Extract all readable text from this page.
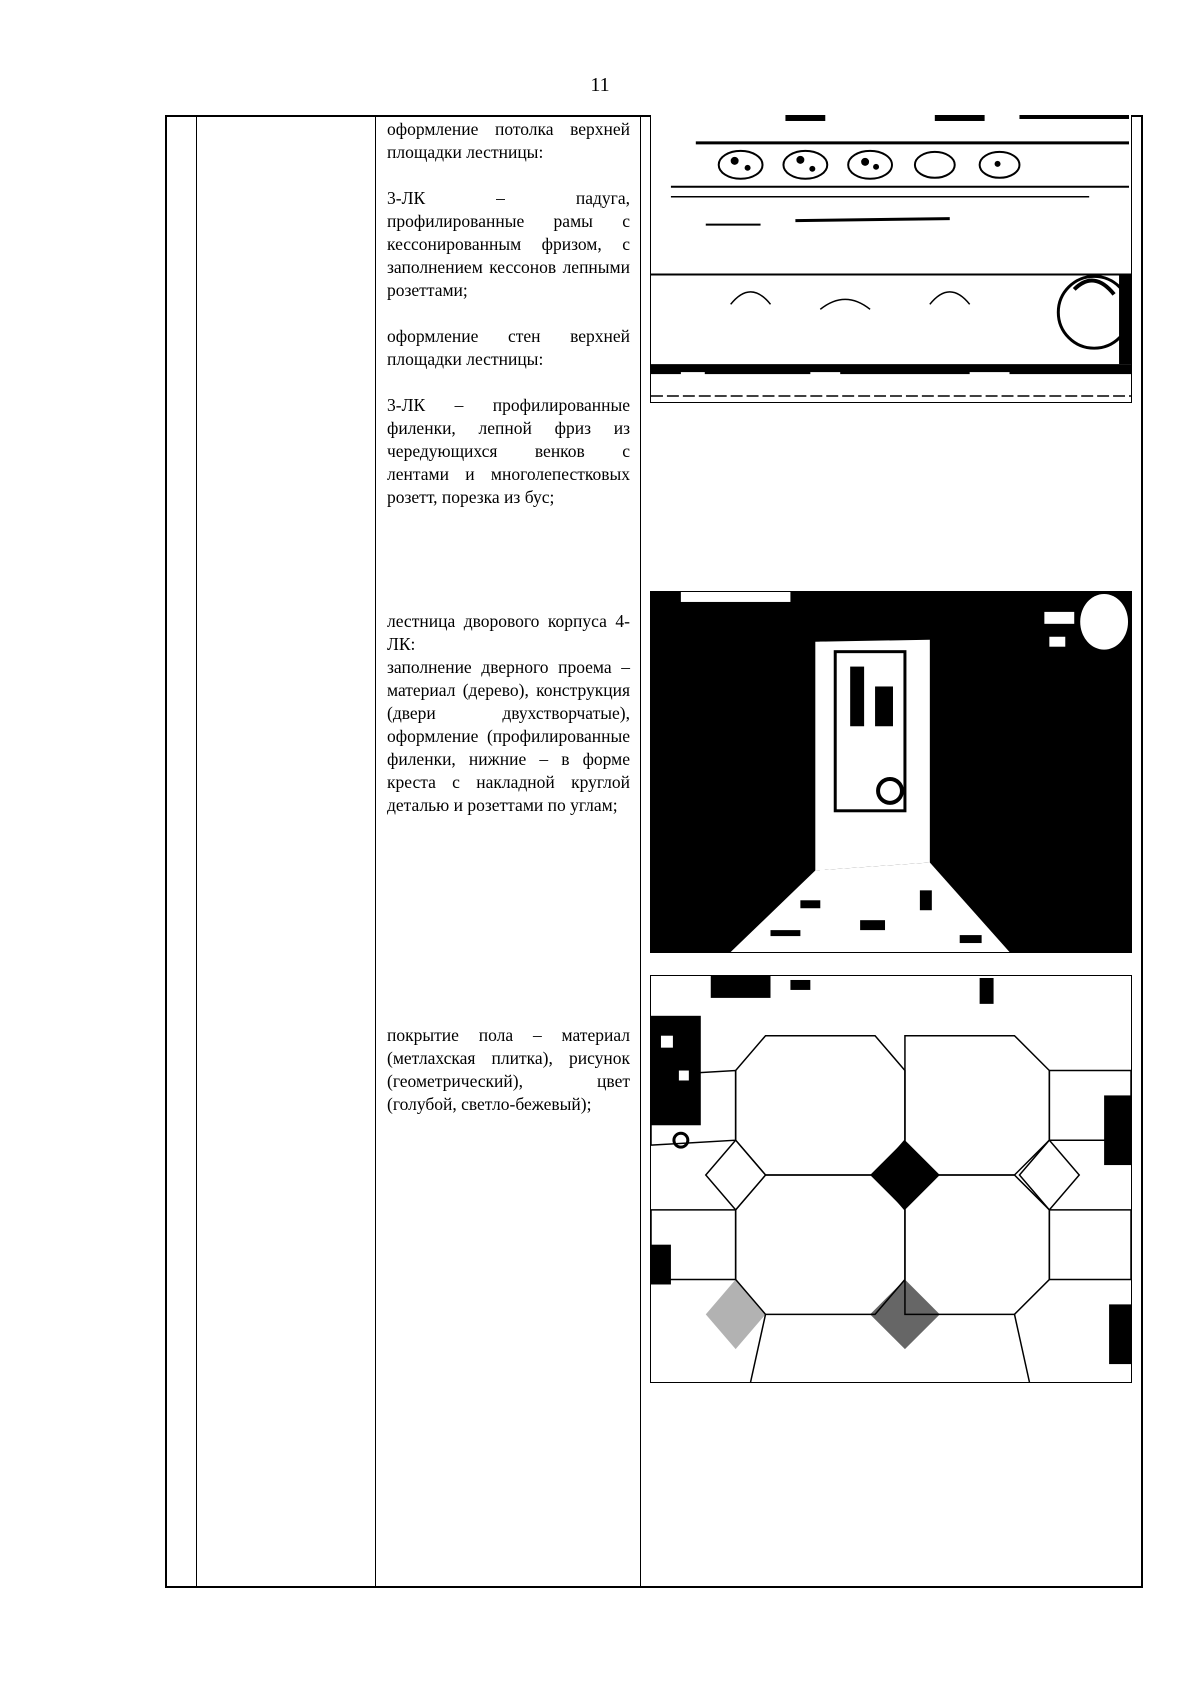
11

оформление потолка верхней площадки лестницы:

3-ЛК – падуга, профилированные рамы с кессонированным фризом, с заполнением кессонов лепными розеттами;

оформление стен верхней площадки лестницы:

3-ЛК – профилированные филенки, лепной фриз из чередующихся венков с лентами и многолепестковых розетт, порезка из бус;

лестница дворового корпуса 4-ЛК:

заполнение дверного проема – материал (дерево), конструкция (двери двухстворчатые), оформление (профилированные филенки, нижние – в форме креста с накладной круглой деталью и розеттами по углам;

покрытие пола – материал (метлахская плитка), рисунок (геометрический), цвет (голубой, светло-бежевый);
